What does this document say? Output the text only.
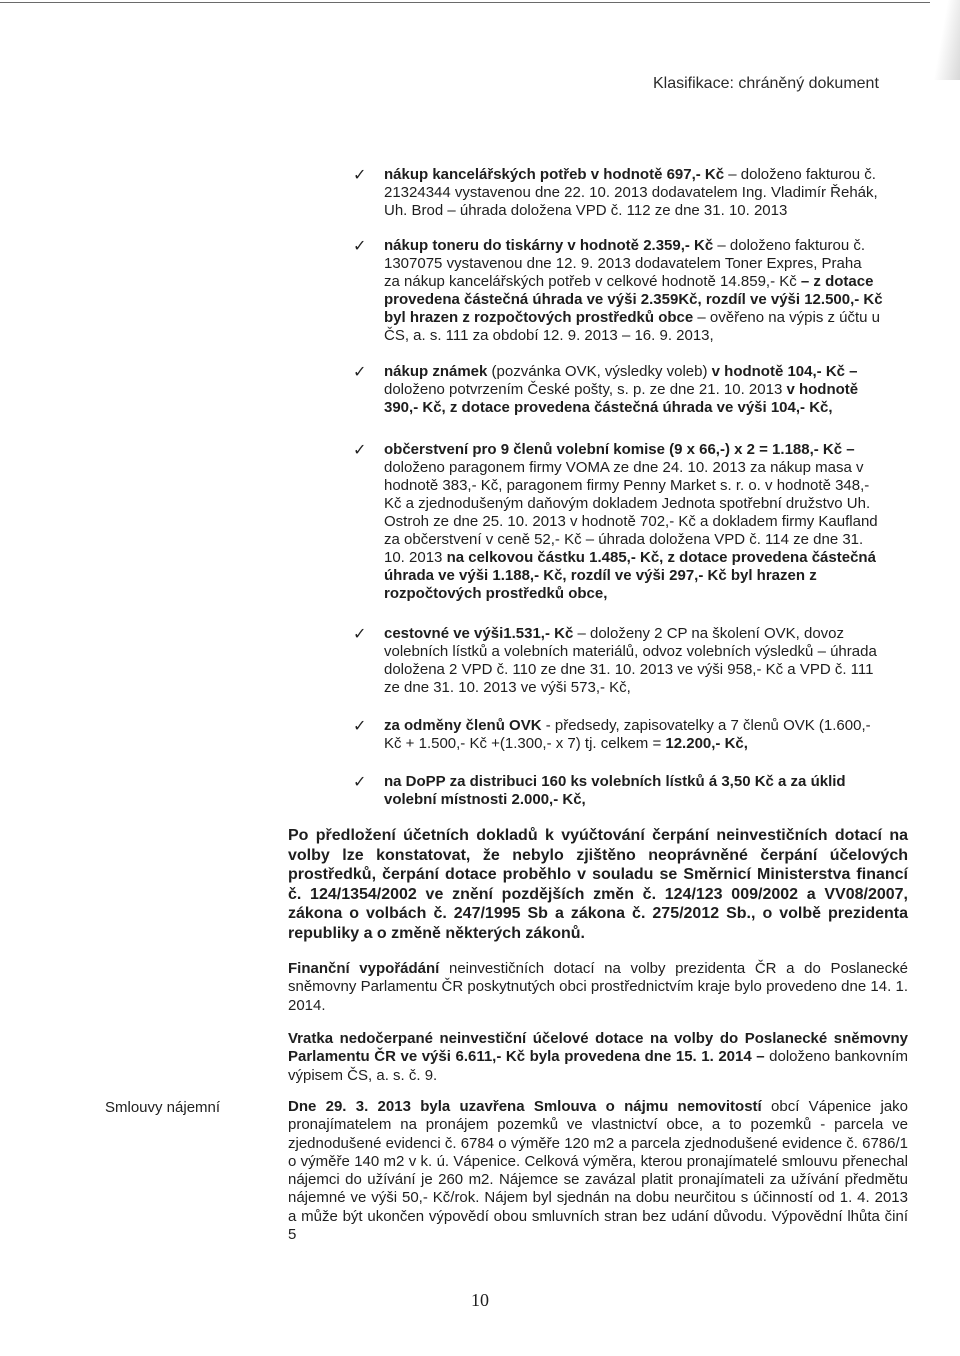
Klasifikace: chráněný dokument
✓ nákup kancelářských potřeb v hodnotě 697,- Kč – doloženo fakturou č.
21324344 vystavenou dne 22. 10. 2013 dodavatelem Ing. Vladimír Řehák,
Uh. Brod – úhrada doložena VPD č. 112 ze dne 31. 10. 2013
✓ nákup toneru do tiskárny v hodnotě 2.359,- Kč – doloženo fakturou č.
1307075 vystavenou dne 12. 9. 2013 dodavatelem Toner Expres, Praha
za nákup kancelářských potřeb v celkové hodnotě 14.859,- Kč – z dotace
provedena částečná úhrada ve výši 2.359Kč, rozdíl ve výši 12.500,- Kč
byl hrazen z rozpočtových prostředků obce – ověřeno na výpis z účtu u
ČS, a. s. 111 za období 12. 9. 2013 – 16. 9. 2013,
✓ nákup známek (pozvánka OVK, výsledky voleb) v hodnotě 104,- Kč –
doloženo potvrzením České pošty, s. p. ze dne 21. 10. 2013 v hodnotě
390,- Kč, z dotace provedena částečná úhrada ve výši 104,- Kč,
✓ občerstvení pro 9 členů volební komise (9 x 66,-) x 2 = 1.188,- Kč –
doloženo paragonem firmy VOMA ze dne 24. 10. 2013 za nákup masa v
hodnotě 383,- Kč, paragonem firmy Penny Market s. r. o. v hodnotě 348,-
Kč a zjednodušeným daňovým dokladem Jednota spotřební družstvo Uh.
Ostroh ze dne 25. 10. 2013 v hodnotě 702,- Kč a dokladem firmy Kaufland
za občerstvení v ceně 52,- Kč – úhrada doložena VPD č. 114 ze dne 31.
10. 2013 na celkovou částku 1.485,- Kč, z dotace provedena částečná
úhrada ve výši 1.188,- Kč, rozdíl ve výši 297,- Kč byl hrazen z
rozpočtových prostředků obce,
✓ cestovné ve výši1.531,- Kč – doloženy 2 CP na školení OVK, dovoz
volebních lístků a volebních materiálů, odvoz volebních výsledků – úhrada
doložena 2 VPD č. 110 ze dne 31. 10. 2013 ve výši 958,- Kč a VPD č. 111
ze dne 31. 10. 2013 ve výši 573,- Kč,
✓ za odměny členů OVK - předsedy, zapisovatelky a 7 členů OVK (1.600,-
Kč + 1.500,- Kč +(1.300,- x 7) tj. celkem = 12.200,- Kč,
✓ na DoPP za distribuci 160 ks volebních lístků á 3,50 Kč a za úklid
volební místnosti 2.000,- Kč,
Po předložení účetních dokladů k vyúčtování čerpání neinvestičních dotací na volby lze konstatovat, že nebylo zjištěno neoprávněné čerpání účelových prostředků, čerpání dotace proběhlo v souladu se Směrnicí Ministerstva financí č. 124/1354/2002 ve znění pozdějších změn č. 124/123 009/2002 a VV08/2007, zákona o volbách č. 247/1995 Sb a zákona č. 275/2012 Sb., o volbě prezidenta republiky a o změně některých zákonů.
Finanční vypořádání neinvestičních dotací na volby prezidenta ČR a do Poslanecké sněmovny Parlamentu ČR poskytnutých obci prostřednictvím kraje bylo provedeno dne 14. 1. 2014.
Vratka nedočerpané neinvestiční účelové dotace na volby do Poslanecké sněmovny Parlamentu ČR ve výši 6.611,- Kč byla provedena dne 15. 1. 2014 – doloženo bankovním výpisem ČS, a. s. č. 9.
Smlouvy nájemní	Dne 29. 3. 2013 byla uzavřena Smlouva o nájmu nemovitostí obcí Vápenice jako pronajímatelem na pronájem pozemků ve vlastnictví obce, a to pozemků - parcela ve zjednodušené evidenci č. 6784 o výměře 120 m2 a parcela zjednodušené evidence č. 6786/1 o výměře 140 m2 v k. ú. Vápenice. Celková výměra, kterou pronajímatelé smlouvu přenechal nájemci do užívání je 260 m2. Nájemce se zavázal platit pronajímateli za užívání předmětu nájemné ve výši 50,- Kč/rok. Nájem byl sjednán na dobu neurčitou s účinností od 1. 4. 2013 a může být ukončen výpovědí obou smluvních stran bez udání důvodu. Výpovědní lhůta činí 5
10
